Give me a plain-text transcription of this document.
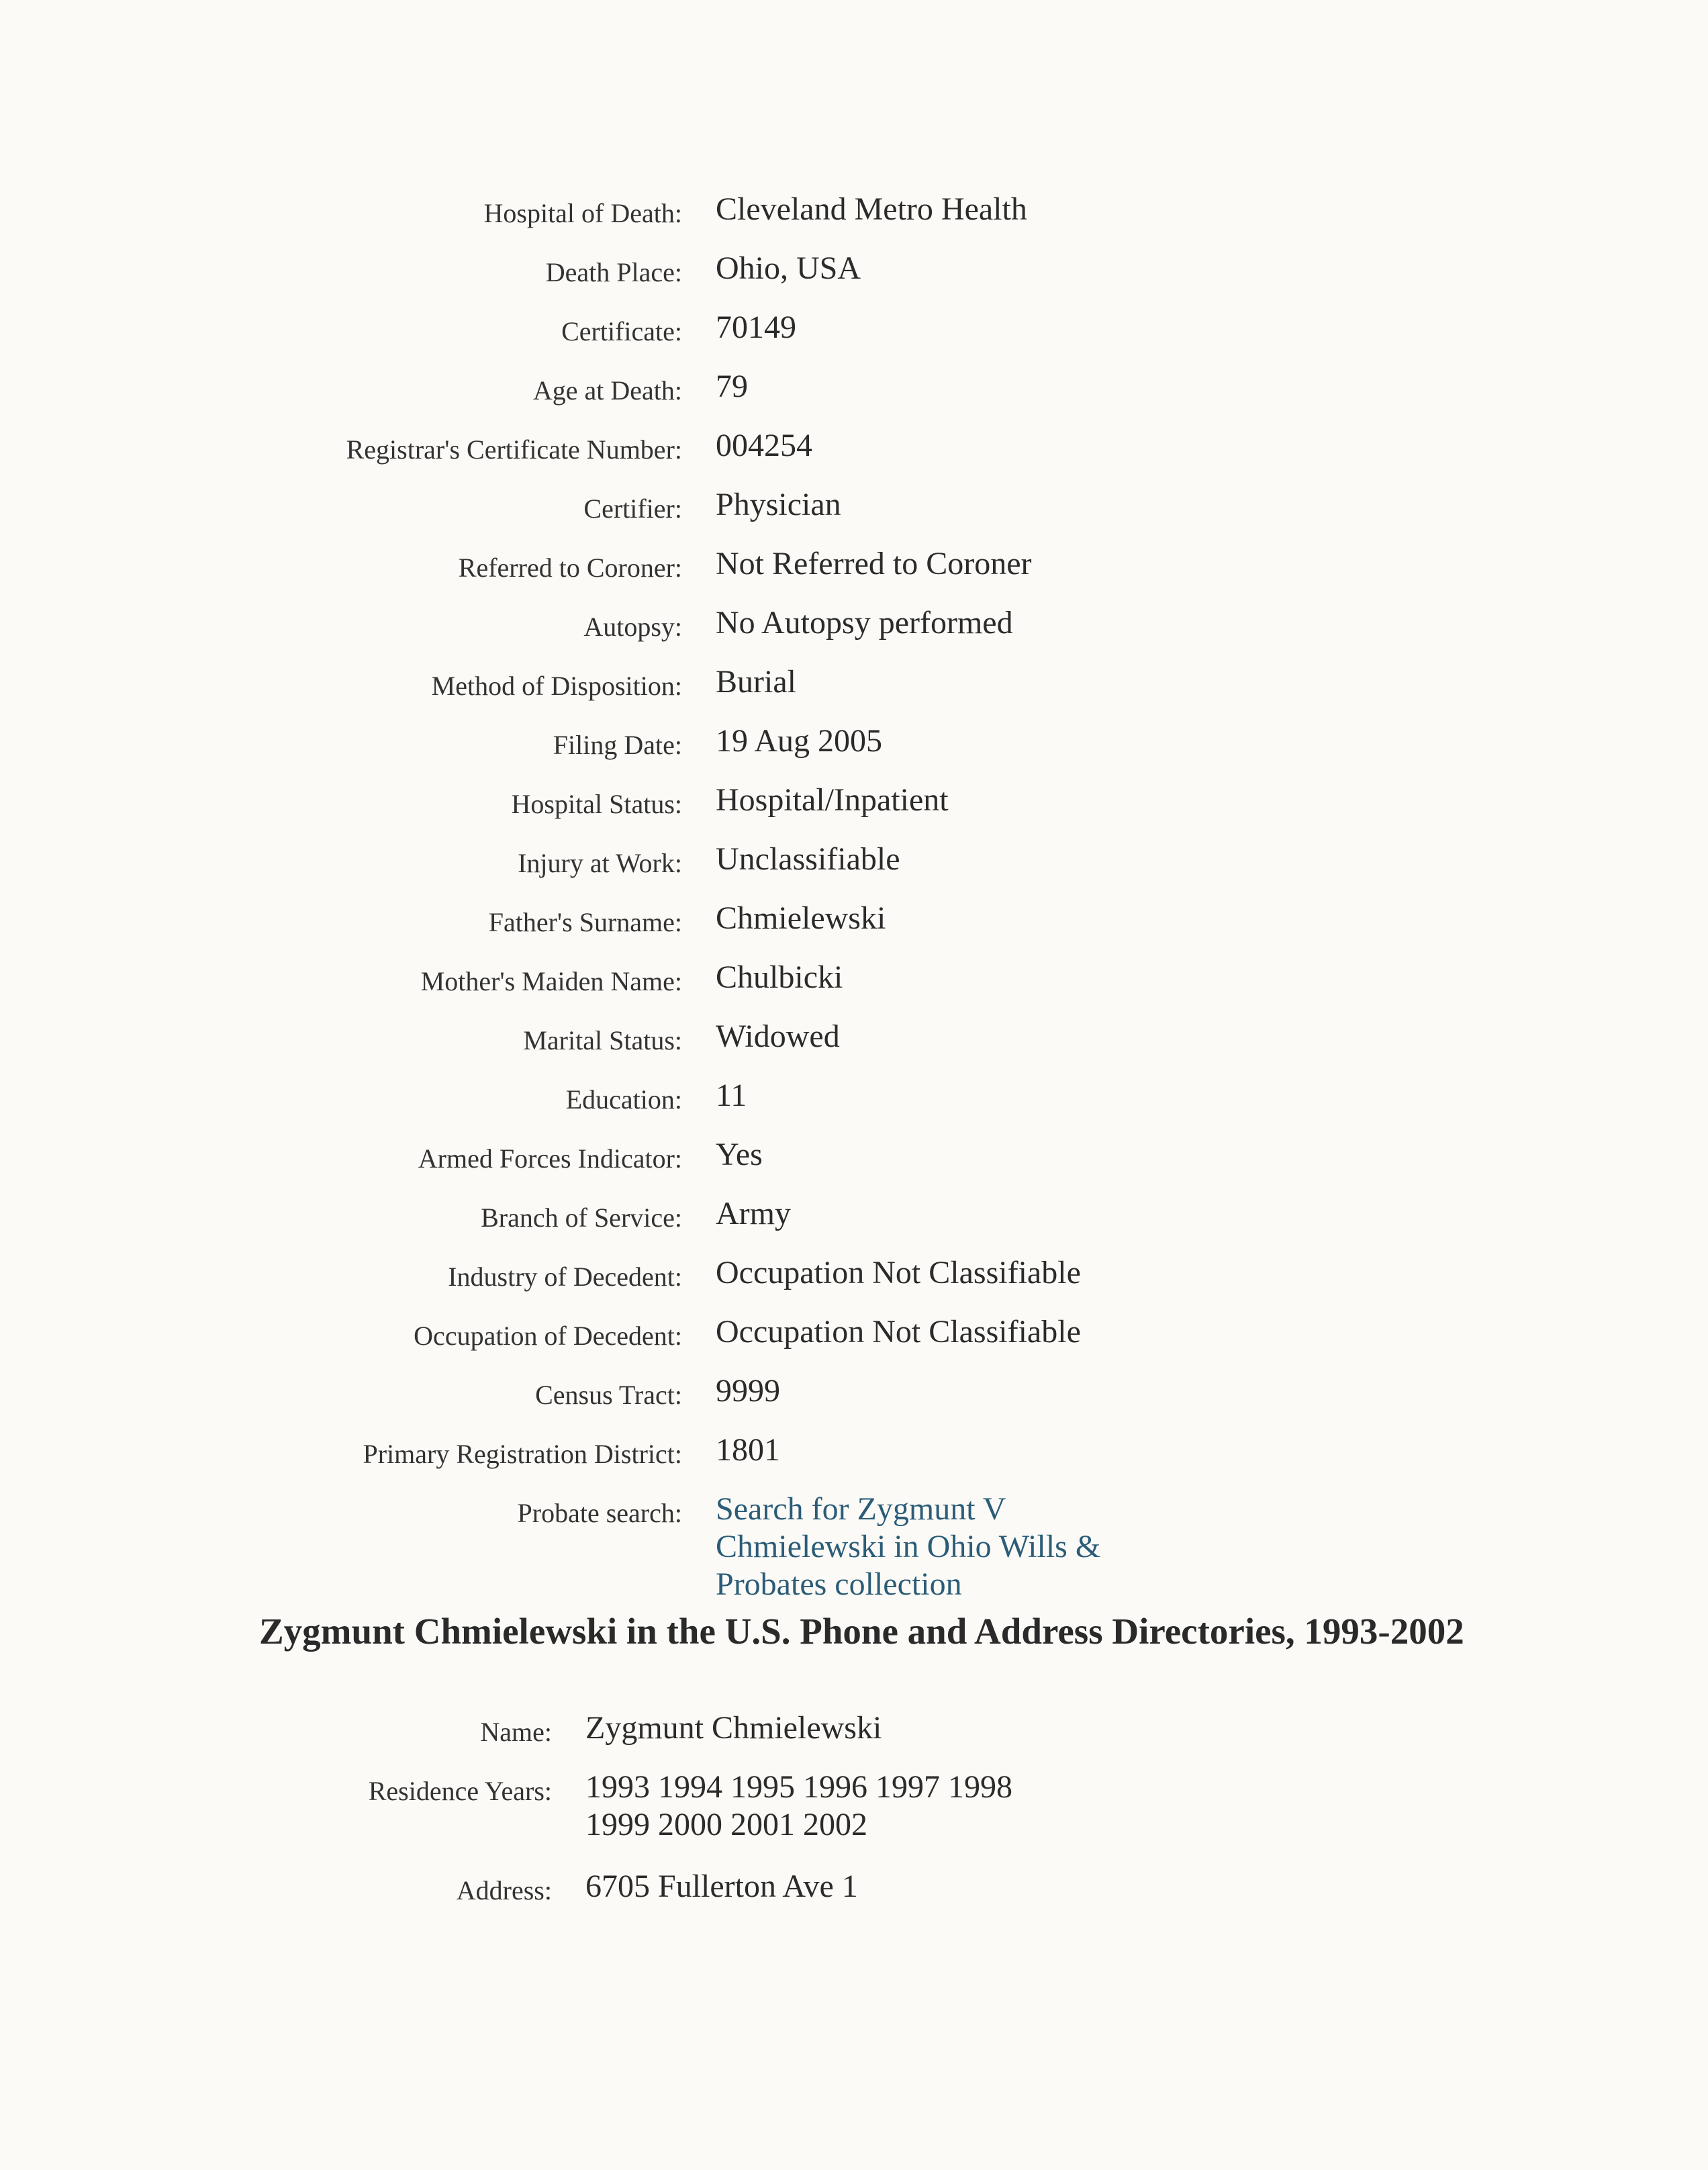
Hospital of Death: Cleveland Metro Health
Death Place: Ohio, USA
Certificate: 70149
Age at Death: 79
Registrar's Certificate Number: 004254
Certifier: Physician
Referred to Coroner: Not Referred to Coroner
Autopsy: No Autopsy performed
Method of Disposition: Burial
Filing Date: 19 Aug 2005
Hospital Status: Hospital/Inpatient
Injury at Work: Unclassifiable
Father's Surname: Chmielewski
Mother's Maiden Name: Chulbicki
Marital Status: Widowed
Education: 11
Armed Forces Indicator: Yes
Branch of Service: Army
Industry of Decedent: Occupation Not Classifiable
Occupation of Decedent: Occupation Not Classifiable
Census Tract: 9999
Primary Registration District: 1801
Probate search: Search for Zygmunt V Chmielewski in Ohio Wills & Probates collection
Zygmunt Chmielewski in the U.S. Phone and Address Directories, 1993-2002
Name: Zygmunt Chmielewski
Residence Years: 1993 1994 1995 1996 1997 1998 1999 2000 2001 2002
Address: 6705 Fullerton Ave 1
